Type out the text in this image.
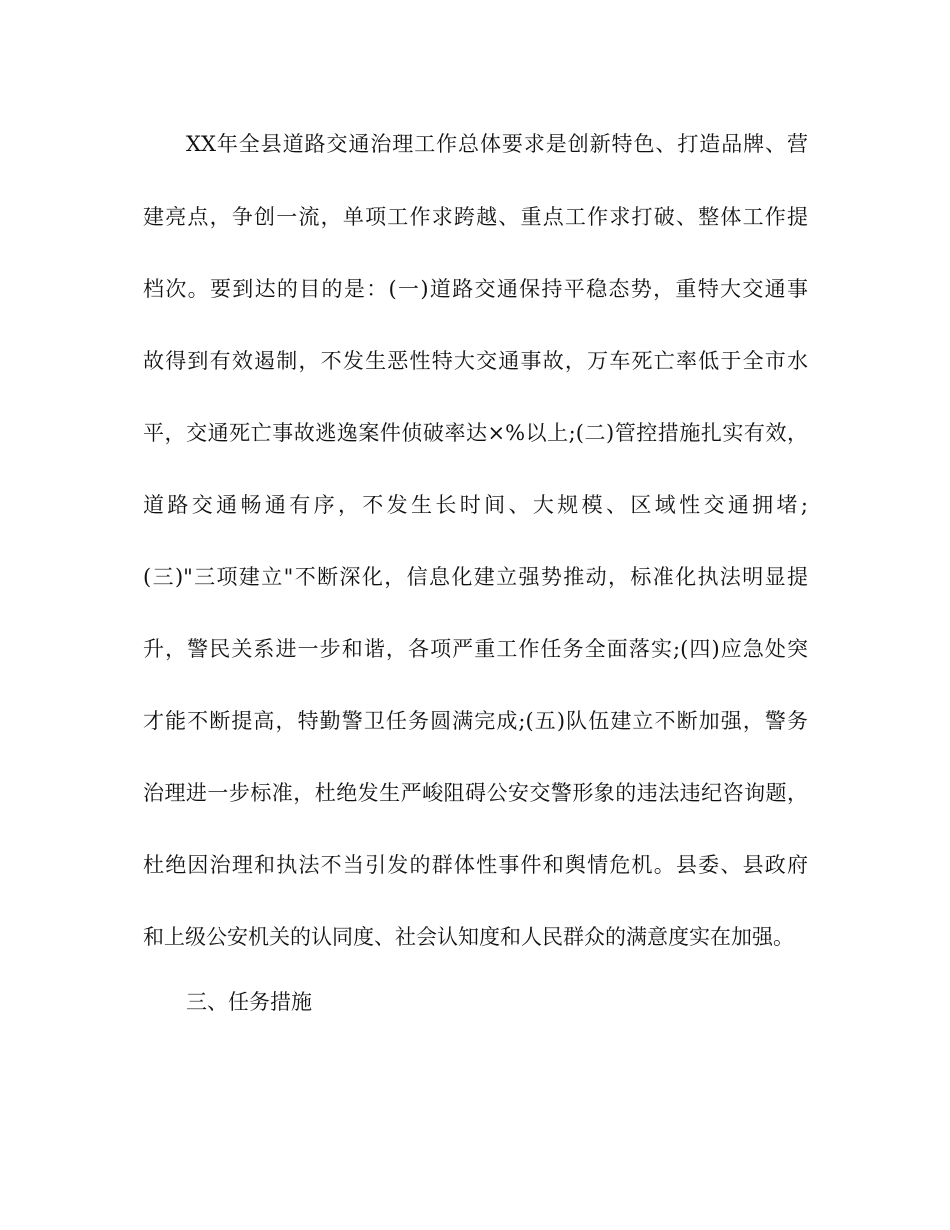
XX年全县道路交通治理工作总体要求是创新特色、打造品牌、营
建亮点，争创一流，单项工作求跨越、重点工作求打破、整体工作提
档次。要到达的目的是：(一)道路交通保持平稳态势，重特大交通事
故得到有效遏制，不发生恶性特大交通事故，万车死亡率低于全市水
平，交通死亡事故逃逸案件侦破率达×%以上;(二)管控措施扎实有效，
道路交通畅通有序，不发生长时间、大规模、区域性交通拥堵;
(三)"三项建立"不断深化，信息化建立强势推动，标准化执法明显提
升，警民关系进一步和谐，各项严重工作任务全面落实;(四)应急处突
才能不断提高，特勤警卫任务圆满完成;(五)队伍建立不断加强，警务
治理进一步标准，杜绝发生严峻阻碍公安交警形象的违法违纪咨询题，
杜绝因治理和执法不当引发的群体性事件和舆情危机。县委、县政府
和上级公安机关的认同度、社会认知度和人民群众的满意度实在加强。
三、任务措施
